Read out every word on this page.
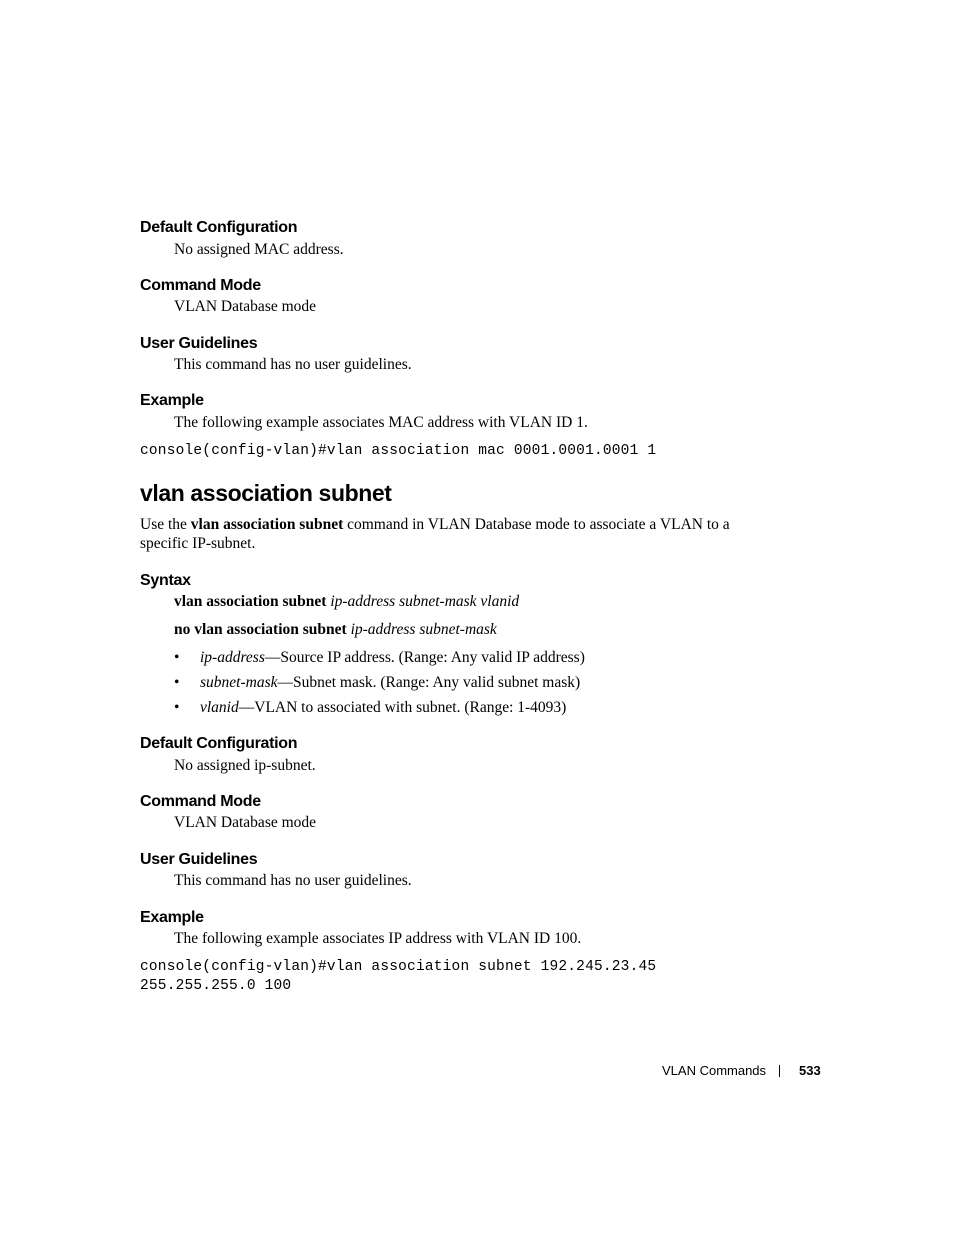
Default Configuration
No assigned MAC address.
Command Mode
VLAN Database mode
User Guidelines
This command has no user guidelines.
Example
The following example associates MAC address with VLAN ID 1.
console(config-vlan)#vlan association mac 0001.0001.0001 1
vlan association subnet
Use the vlan association subnet command in VLAN Database mode to associate a VLAN to a
specific IP-subnet.
Syntax
vlan association subnet ip-address subnet-mask vlanid
no vlan association subnet ip-address subnet-mask
• ip-address—Source IP address. (Range: Any valid IP address)
• subnet-mask—Subnet mask. (Range: Any valid subnet mask)
• vlanid—VLAN to associated with subnet. (Range: 1-4093)
Default Configuration
No assigned ip-subnet.
Command Mode
VLAN Database mode
User Guidelines
This command has no user guidelines.
Example
The following example associates IP address with VLAN ID 100.
console(config-vlan)#vlan association subnet 192.245.23.45
255.255.255.0 100
VLAN Commands	533
